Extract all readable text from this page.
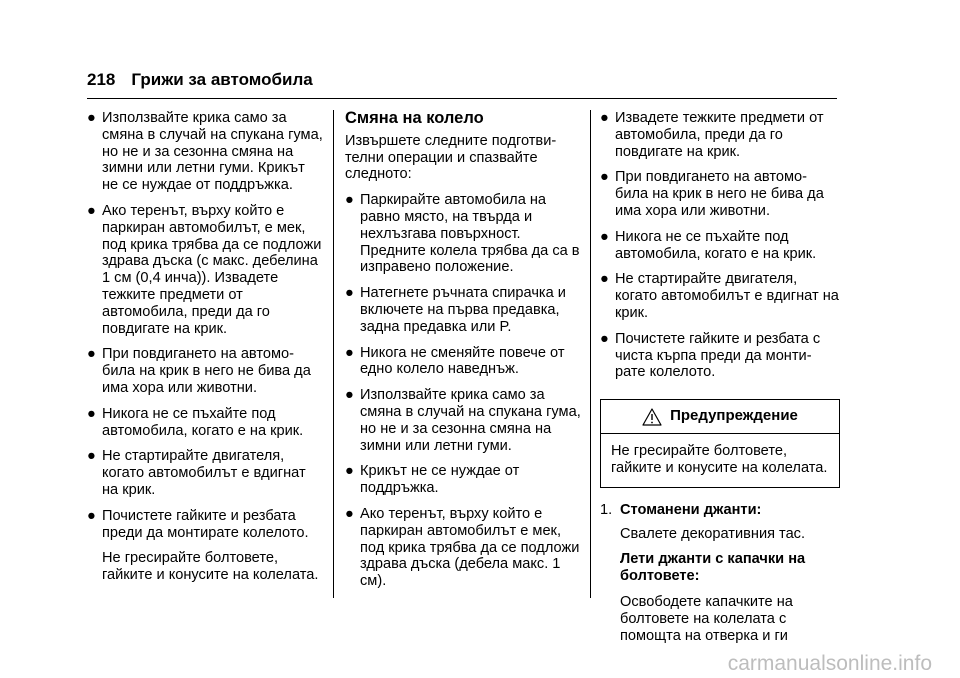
218 Грижи за автомобила
● Използвайте крика само за смяна в случай на спукана гума, но не и за сезонна смяна на зимни или летни гуми. Крикът не се нуждае от поддръжка.
● Ако теренът, върху който е паркиран автомобилът, е мек, под крика трябва да се подложи здрава дъска (с макс. дебелина 1 см (0,4 инча)). Извадете тежките предмети от автомобила, преди да го повдигате на крик.
● При повдигането на автомо‐ била на крик в него не бива да има хора или животни.
● Никога не се пъхайте под автомобила, когато е на крик.
● Не стартирайте двигателя, когато автомобилът е вдигнат на крик.
● Почистете гайките и резбата преди да монтирате колелото.
Не гресирайте болтовете, гайките и конусите на колелата.
Смяна на колело
Извършете следните подготви‐ телни операции и спазвайте следното:
● Паркирайте автомобила на равно място, на твърда и нехлъзгава повърхност. Предните колела трябва да са в изправено положение.
● Натегнете ръчната спирачка и включете на първа предавка, задна предавка или P.
● Никога не сменяйте повече от едно колело наведнъж.
● Използвайте крика само за смяна в случай на спукана гума, но не и за сезонна смяна на зимни или летни гуми.
● Крикът не се нуждае от поддръжка.
● Ако теренът, върху който е паркиран автомобилът е мек, под крика трябва да се подложи здрава дъска (дебела макс. 1 см).
● Извадете тежките предмети от автомобила, преди да го повдигате на крик.
● При повдигането на автомо‐ била на крик в него не бива да има хора или животни.
● Никога не се пъхайте под автомобила, когато е на крик.
● Не стартирайте двигателя, когато автомобилът е вдигнат на крик.
● Почистете гайките и резбата с чиста кърпа преди да монти‐ рате колелото.
Предупреждение
Не гресирайте болтовете, гайките и конусите на колелата.
1. Стоманени джанти:
Свалете декоративния тас.
Лети джанти с капачки на болтовете:
Освободете капачките на болтовете на колелата с помощта на отверка и ги
carmanualsonline.info
